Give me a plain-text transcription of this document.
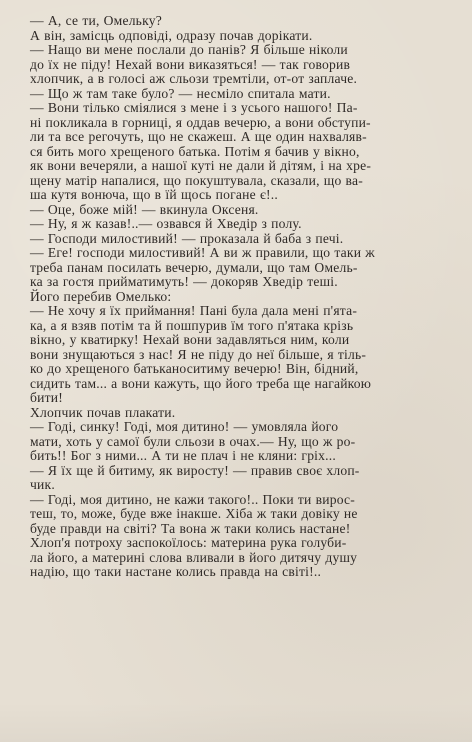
— А, се ти, Омельку?

А він, замісць одповіді, одразу почав дорікати.

— Нащо ви мене послали до панів? Я більше ніколи
до їх не піду! Нехай вони виказяться! — так говорив
хлопчик, а в голосі аж сльози тремтіли, от-от заплаче.

— Що ж там таке було? — несміло спитала мати.

— Вони тілько сміялися з мене і з усього нашого! Па-
ні покликала в горниці, я оддав вечерю, а вони обступи-
ли та все регочуть, що не скажеш. А ще один нахваляв-
ся бить мого хрещеного батька. Потім я бачив у вікно,
як вони вечеряли, а нашої куті не дали й дітям, і на хре-
щену матір напалися, що покуштувала, сказали, що ва-
ша кутя вонюча, що в їй щось погане є!..

— Оце, боже мій! — вкинула Оксеня.

— Ну, я ж казав!..— озвався й Хведір з полу.

— Господи милостивий! — проказала й баба з печі.

— Еге! господи милостивий! А ви ж правили, що таки ж
треба панам посилать вечерю, думали, що там Омель-
ка за гостя прийматимуть! — докоряв Хведір теші.

Його перебив Омелько:

— Не хочу я їх приймання! Пані була дала мені п'ята-
ка, а я взяв потім та й пошпурив їм того п'ятака крізь
вікно, у кватирку! Нехай вони задавляться ним, коли
вони знущаються з нас! Я не піду до неї більше, я тіль-
ко до хрещеного батьканоситиму вечерю! Він, бідний,
сидить там... а вони кажуть, що його треба ще нагайкою
бити!

Хлопчик почав плакати.

— Годі, синку! Годі, моя дитино! — умовляла його
мати, хоть у самої були сльози в очах.— Ну, що ж ро-
бить!! Бог з ними... А ти не плач і не кляни: гріх...

— Я їх ще й битиму, як виросту! — правив своє хлоп-
чик.

— Годі, моя дитино, не кажи такого!.. Поки ти вирос-
теш, то, може, буде вже інакше. Хіба ж таки довіку не
буде правди на світі? Та вона ж таки колись настане!

Хлоп'я потроху заспокоїлось: материна рука голуби-
ла його, а материні слова вливали в його дитячу душу
надію, що таки настане колись правда на світі!..
